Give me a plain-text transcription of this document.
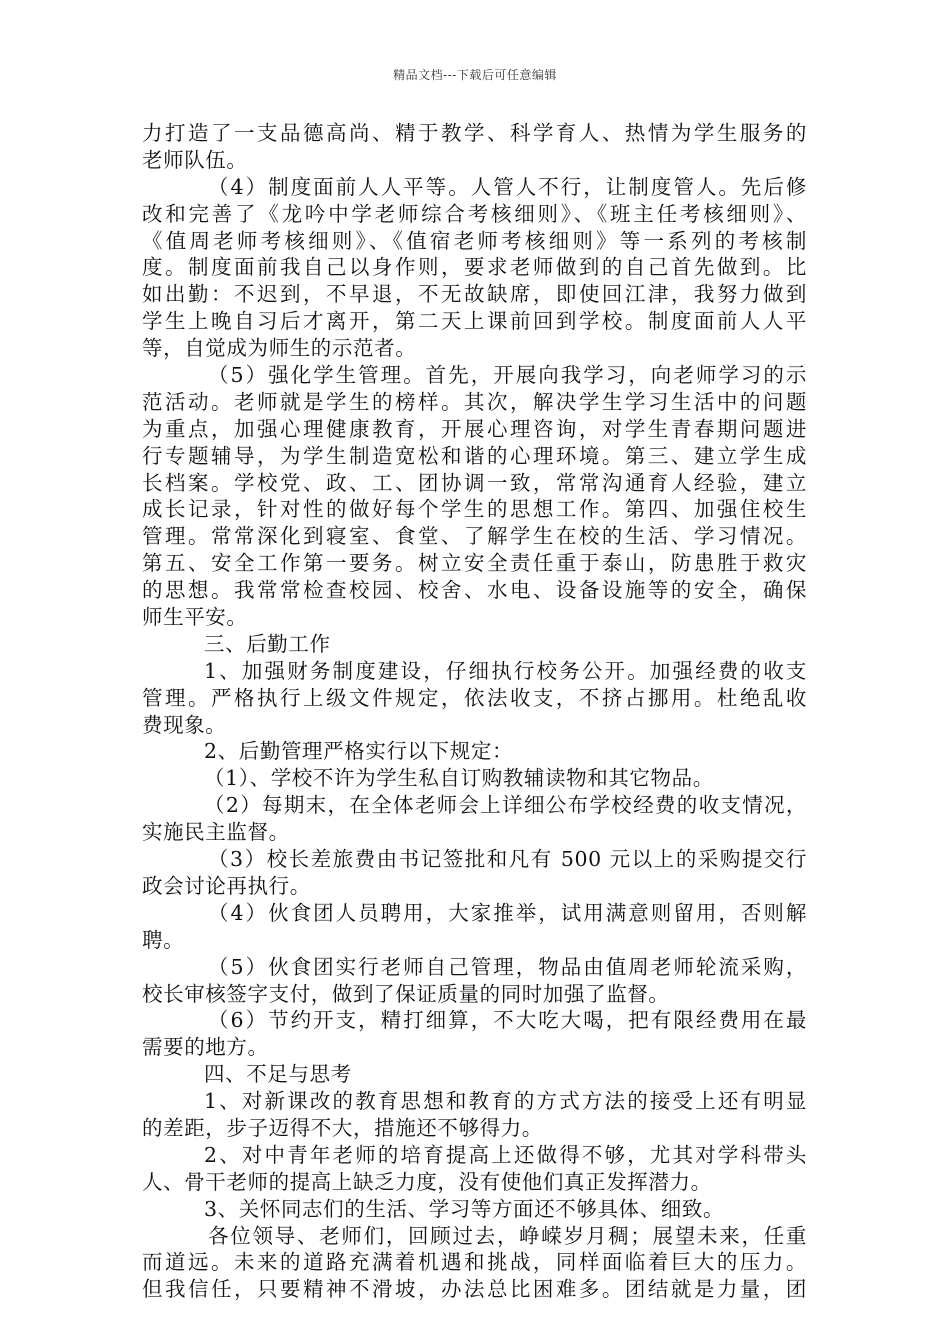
精品文档---下载后可任意编辑
力打造了一支品德高尚、精于教学、科学育人、热情为学生服务的
老师队伍。
（4）制度面前人人平等。人管人不行，让制度管人。先后修
改和完善了《龙吟中学老师综合考核细则》、《班主任考核细则》、
《值周老师考核细则》、《值宿老师考核细则》等一系列的考核制
度。制度面前我自己以身作则，要求老师做到的自己首先做到。比
如出勤：不迟到，不早退，不无故缺席，即使回江津，我努力做到
学生上晚自习后才离开，第二天上课前回到学校。制度面前人人平
等，自觉成为师生的示范者。
（5）强化学生管理。首先，开展向我学习，向老师学习的示
范活动。老师就是学生的榜样。其次，解决学生学习生活中的问题
为重点，加强心理健康教育，开展心理咨询，对学生青春期问题进
行专题辅导，为学生制造宽松和谐的心理环境。第三、建立学生成
长档案。学校党、政、工、团协调一致，常常沟通育人经验，建立
成长记录，针对性的做好每个学生的思想工作。第四、加强住校生
管理。常常深化到寝室、食堂、了解学生在校的生活、学习情况。
第五、安全工作第一要务。树立安全责任重于泰山，防患胜于救灾
的思想。我常常检查校园、校舍、水电、设备设施等的安全，确保
师生平安。
三、后勤工作
1、加强财务制度建设，仔细执行校务公开。加强经费的收支
管理。严格执行上级文件规定，依法收支，不挤占挪用。杜绝乱收
费现象。
2、后勤管理严格实行以下规定：
（1）、学校不许为学生私自订购教辅读物和其它物品。
（2）每期末，在全体老师会上详细公布学校经费的收支情况，
实施民主监督。
（3）校长差旅费由书记签批和凡有 500 元以上的采购提交行
政会讨论再执行。
（4）伙食团人员聘用，大家推举，试用满意则留用，否则解
聘。
（5）伙食团实行老师自己管理，物品由值周老师轮流采购，
校长审核签字支付，做到了保证质量的同时加强了监督。
（6）节约开支，精打细算，不大吃大喝，把有限经费用在最
需要的地方。
四、不足与思考
1、对新课改的教育思想和教育的方式方法的接受上还有明显
的差距，步子迈得不大，措施还不够得力。
2、对中青年老师的培育提高上还做得不够，尤其对学科带头
人、骨干老师的提高上缺乏力度，没有使他们真正发挥潜力。
3、关怀同志们的生活、学习等方面还不够具体、细致。
各位领导、老师们，回顾过去，峥嵘岁月稠；展望未来，任重
而道远。未来的道路充满着机遇和挑战，同样面临着巨大的压力。
但我信任，只要精神不滑坡，办法总比困难多。团结就是力量，团
